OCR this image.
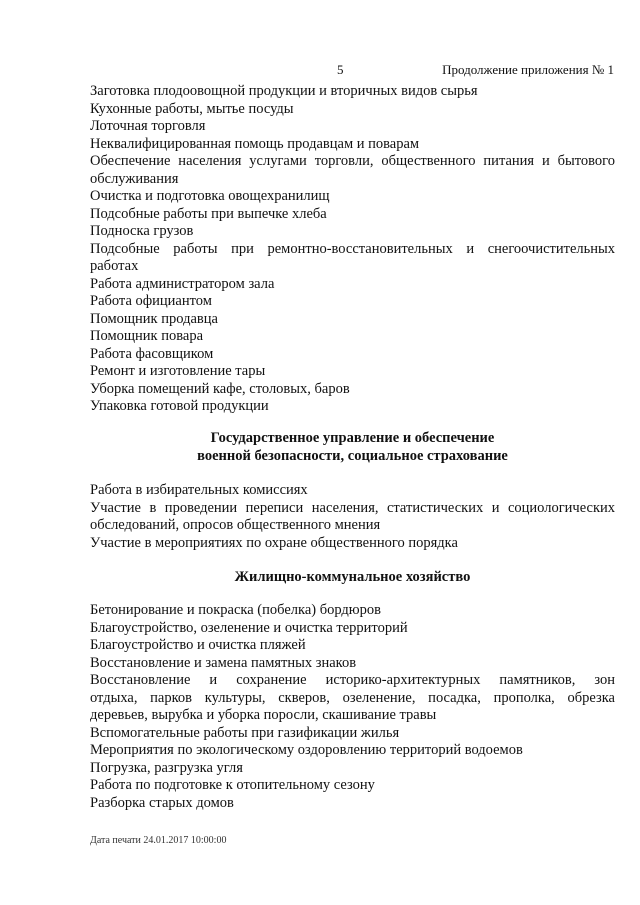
5	Продолжение приложения № 1
Заготовка плодоовощной продукции и вторичных видов сырья
Кухонные работы, мытье посуды
Лоточная торговля
Неквалифицированная помощь продавцам и поварам
Обеспечение населения услугами торговли, общественного питания и бытового
обслуживания
Очистка и подготовка овощехранилищ
Подсобные работы при выпечке хлеба
Подноска грузов
Подсобные работы при ремонтно-восстановительных и снегоочистительных
работах
Работа администратором зала
Работа официантом
Помощник продавца
Помощник повара
Работа фасовщиком
Ремонт и изготовление тары
Уборка помещений кафе, столовых, баров
Упаковка готовой продукции
Государственное управление и обеспечение
военной безопасности, социальное страхование
Работа в избирательных комиссиях
Участие в проведении переписи населения, статистических и социологических
обследований, опросов общественного мнения
Участие в мероприятиях по охране общественного порядка
Жилищно-коммунальное хозяйство
Бетонирование и покраска (побелка) бордюров
Благоустройство, озеленение и очистка территорий
Благоустройство и очистка пляжей
Восстановление и замена памятных знаков
Восстановление и сохранение историко-архитектурных памятников, зон
отдыха, парков культуры, скверов, озеленение, посадка, прополка, обрезка
деревьев, вырубка и уборка поросли, скашивание травы
Вспомогательные работы при газификации жилья
Мероприятия по экологическому оздоровлению территорий водоемов
Погрузка, разгрузка угля
Работа по подготовке к отопительному сезону
Разборка старых домов
Дата печати 24.01.2017 10:00:00
